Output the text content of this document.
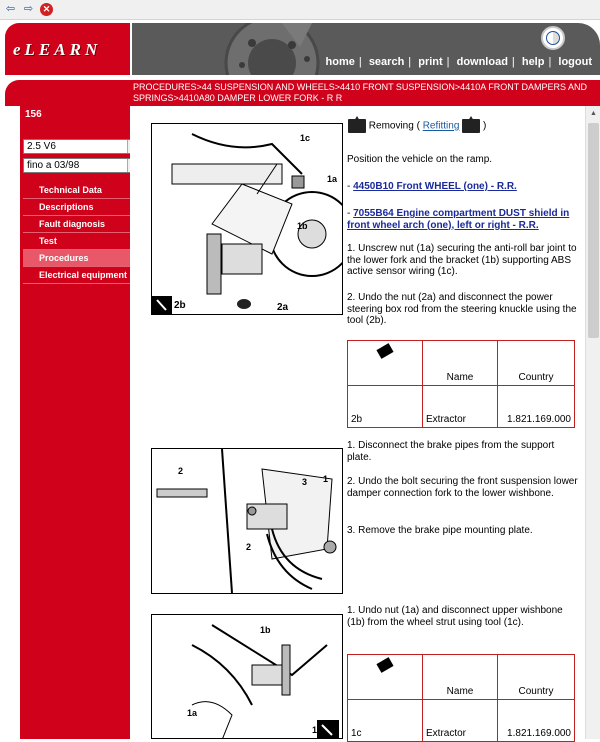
⇦ ⇨	✕
eLEARN
home | search | print | download | help | logout
PROCEDURES>44 SUSPENSION AND WHEELS>4410 FRONT SUSPENSION>4410A FRONT DAMPERS AND SPRINGS>4410A80 DAMPER LOWER FORK - R R
156
2.5 V6
fino a 03/98
Technical Data
Descriptions
Fault diagnosis
Test
Procedures
Electrical equipment
1c
1a
1b
2b	2a
Removing ( Refitting )
Position the vehicle on the ramp.
- 4450B10 Front WHEEL (one) - R.R.
- 7055B64 Engine compartment DUST shield in front wheel arch (one), left or right - R.R.
1. Unscrew nut (1a) securing the anti-roll bar joint to the lower fork and the bracket (1b) supporting ABS active sensor wiring (1c).
2. Undo the nut (2a) and disconnect the power steering box rod from the steering knuckle using the tool (2b).
	Name	Country
2b	Extractor	1.821.169.000
2
1
3
2
1. Disconnect the brake pipes from the support plate.
2. Undo the bolt securing the front suspension lower damper connection fork to the lower wishbone.
3. Remove the brake pipe mounting plate.
1b
1a
1c
1. Undo nut (1a) and disconnect upper wishbone (1b) from the wheel strut using tool (1c).
	Name	Country
1c	Extractor	1.821.169.000
▲
